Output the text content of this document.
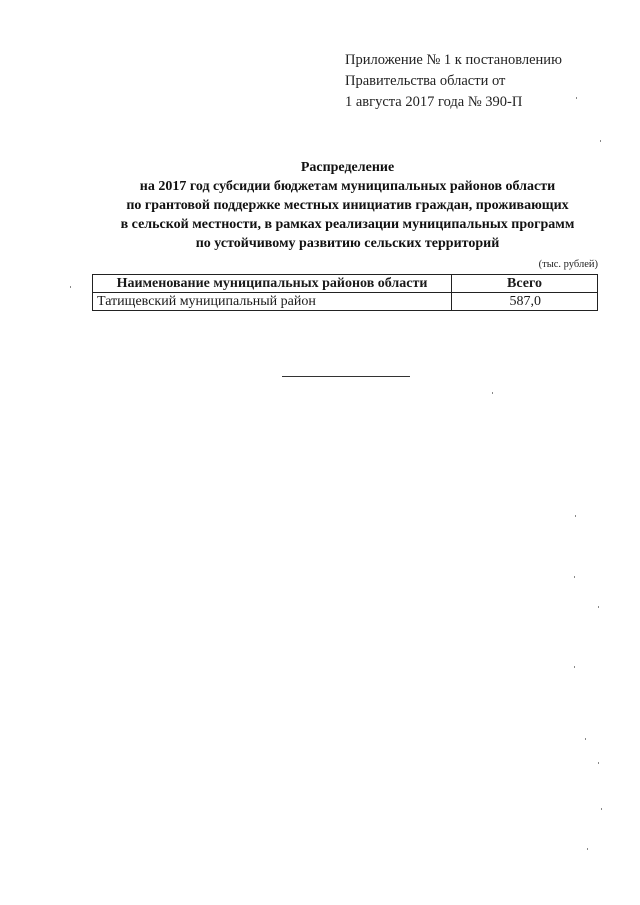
Приложение № 1 к постановлению
Правительства области от
1 августа 2017 года № 390-П
Распределение
на 2017 год субсидии бюджетам муниципальных районов области
по грантовой поддержке местных инициатив граждан, проживающих
в сельской местности, в рамках реализации муниципальных программ
по устойчивому развитию сельских территорий
(тыс. рублей)
Наименование муниципальных районов области	Всего
Татищевский муниципальный район	587,0
